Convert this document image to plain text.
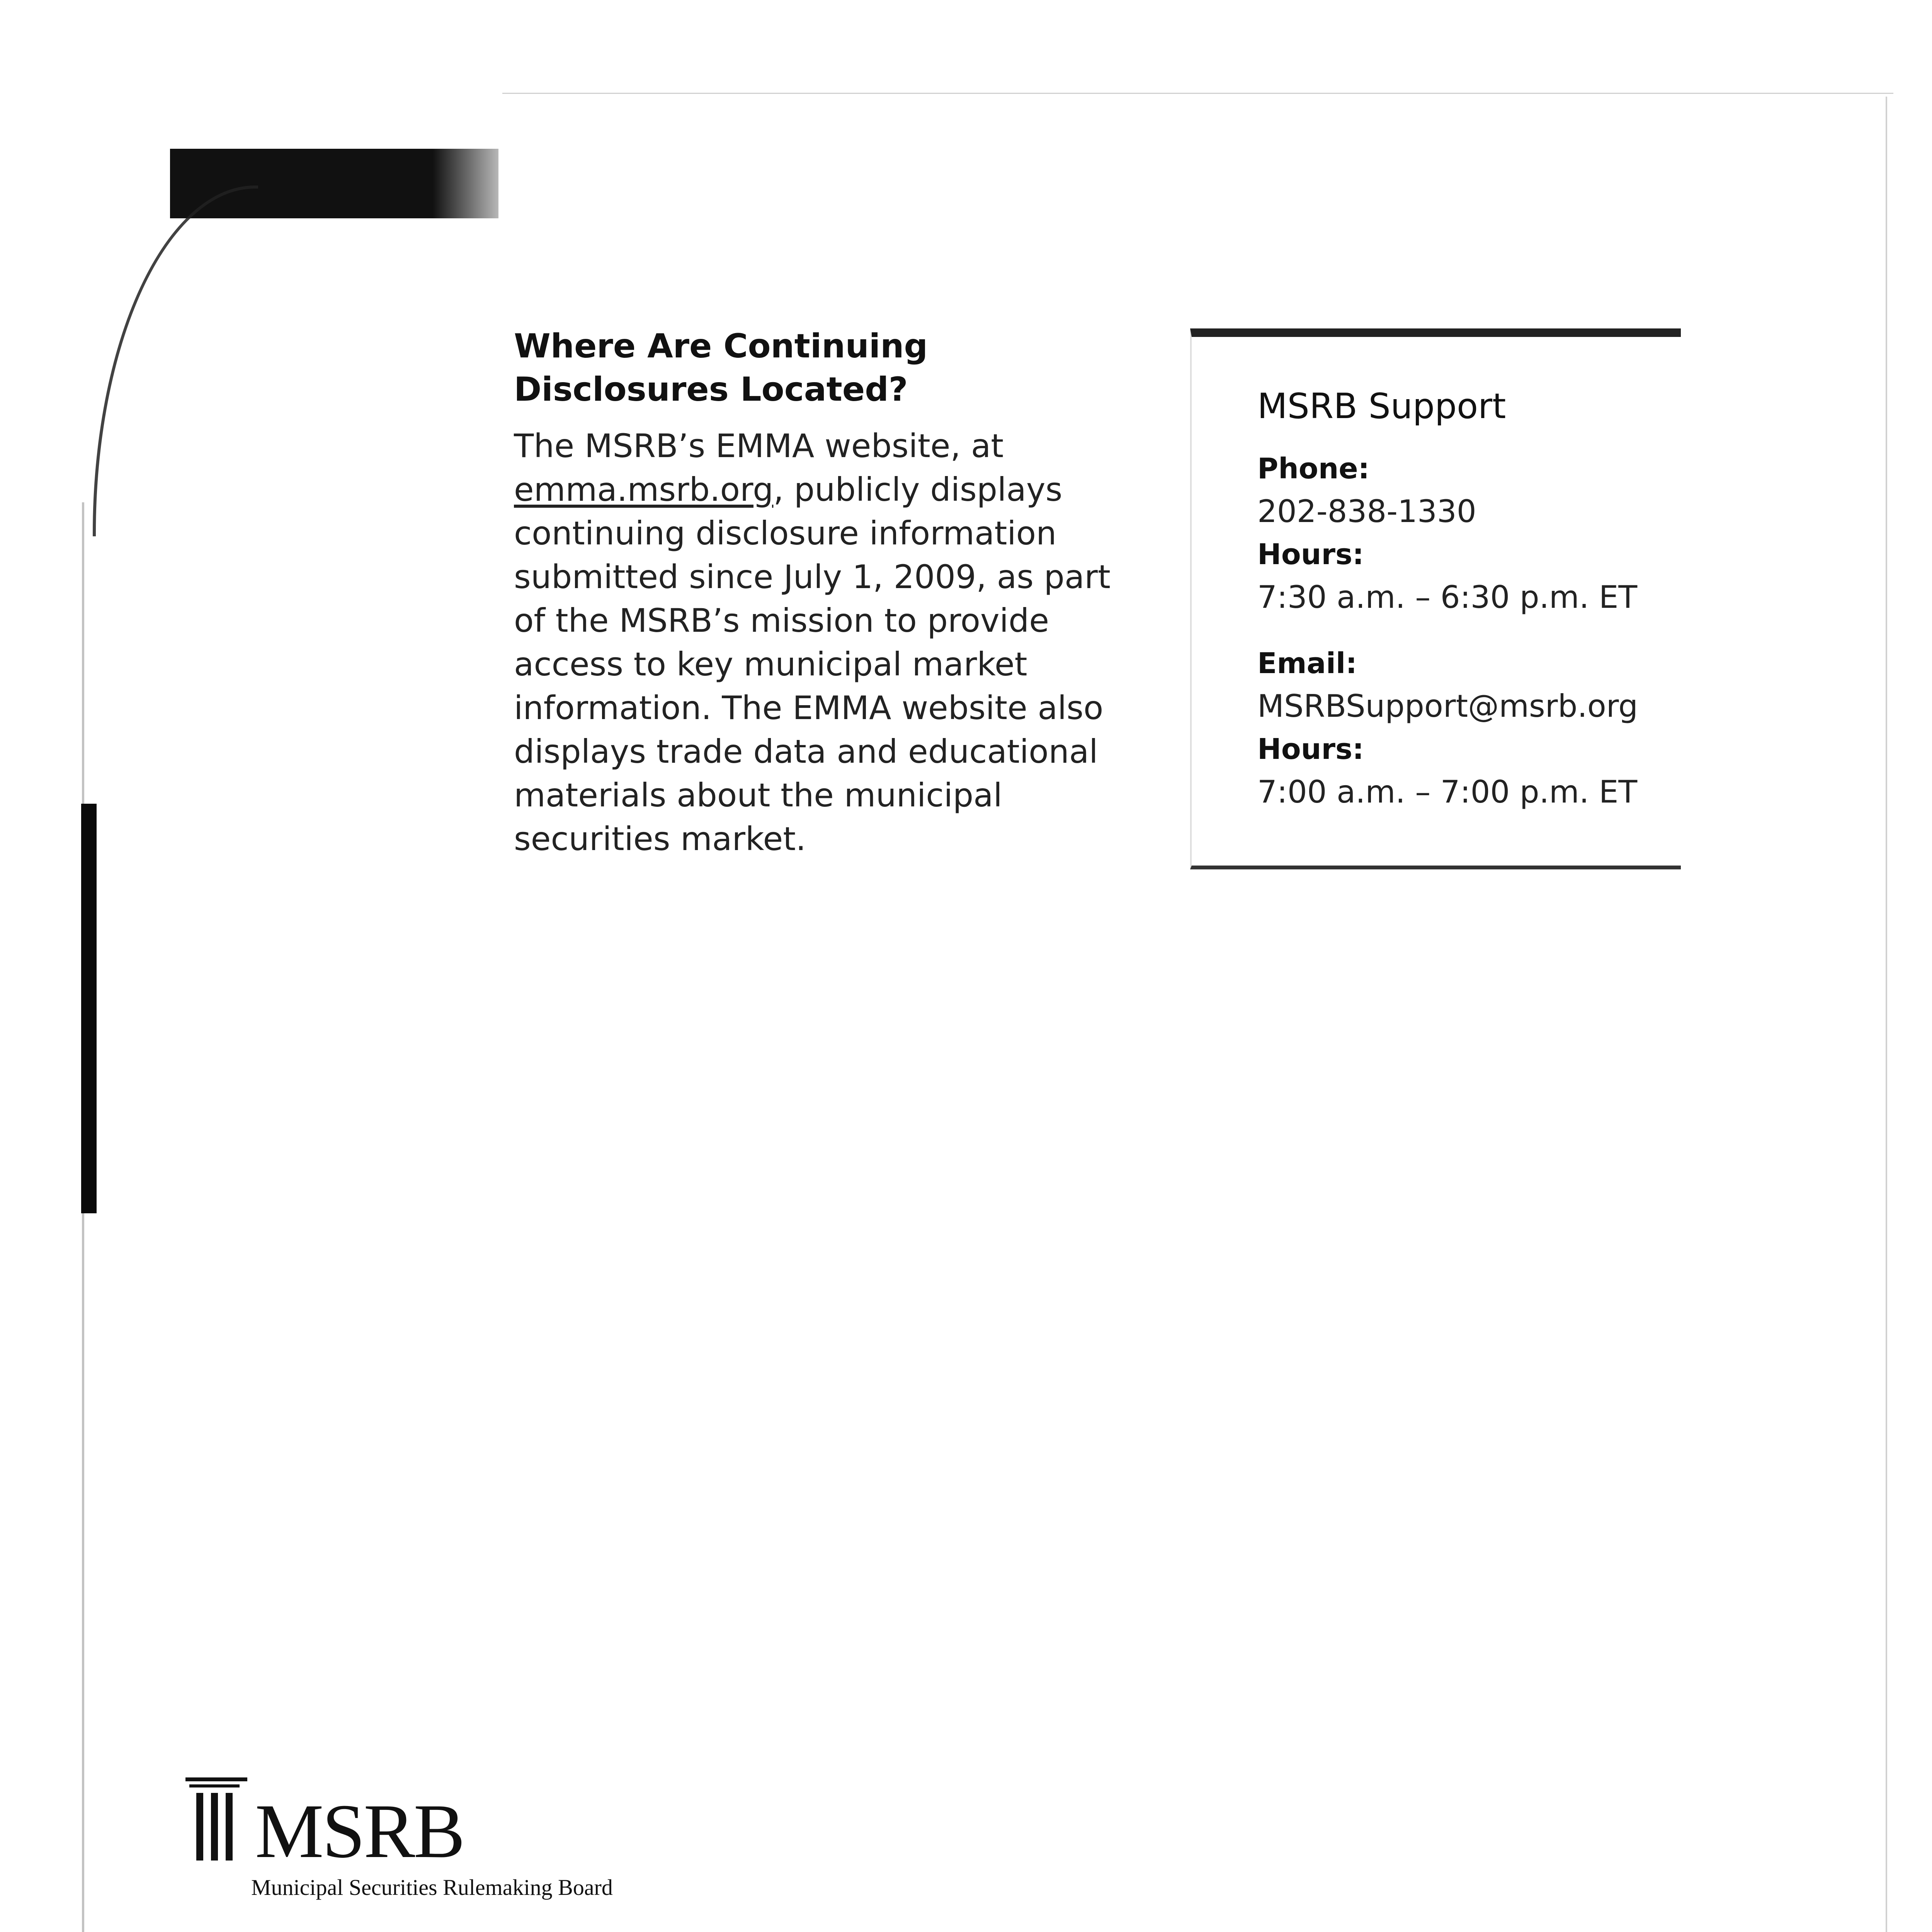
Where Are Continuing
Disclosures Located?

The MSRB’s EMMA website, at emma.msrb.org, publicly displays continuing disclosure information submitted since July 1, 2009, as part of the MSRB’s mission to provide access to key municipal market information. The EMMA website also displays trade data and educational materials about the municipal securities market.

MSRB Support

Phone:

202-838-1330

Hours:

7:30 a.m. – 6:30 p.m. ET

Email:

MSRBSupport@msrb.org

Hours:

7:00 a.m. – 7:00 p.m. ET

MSRB
Municipal Securities Rulemaking Board
